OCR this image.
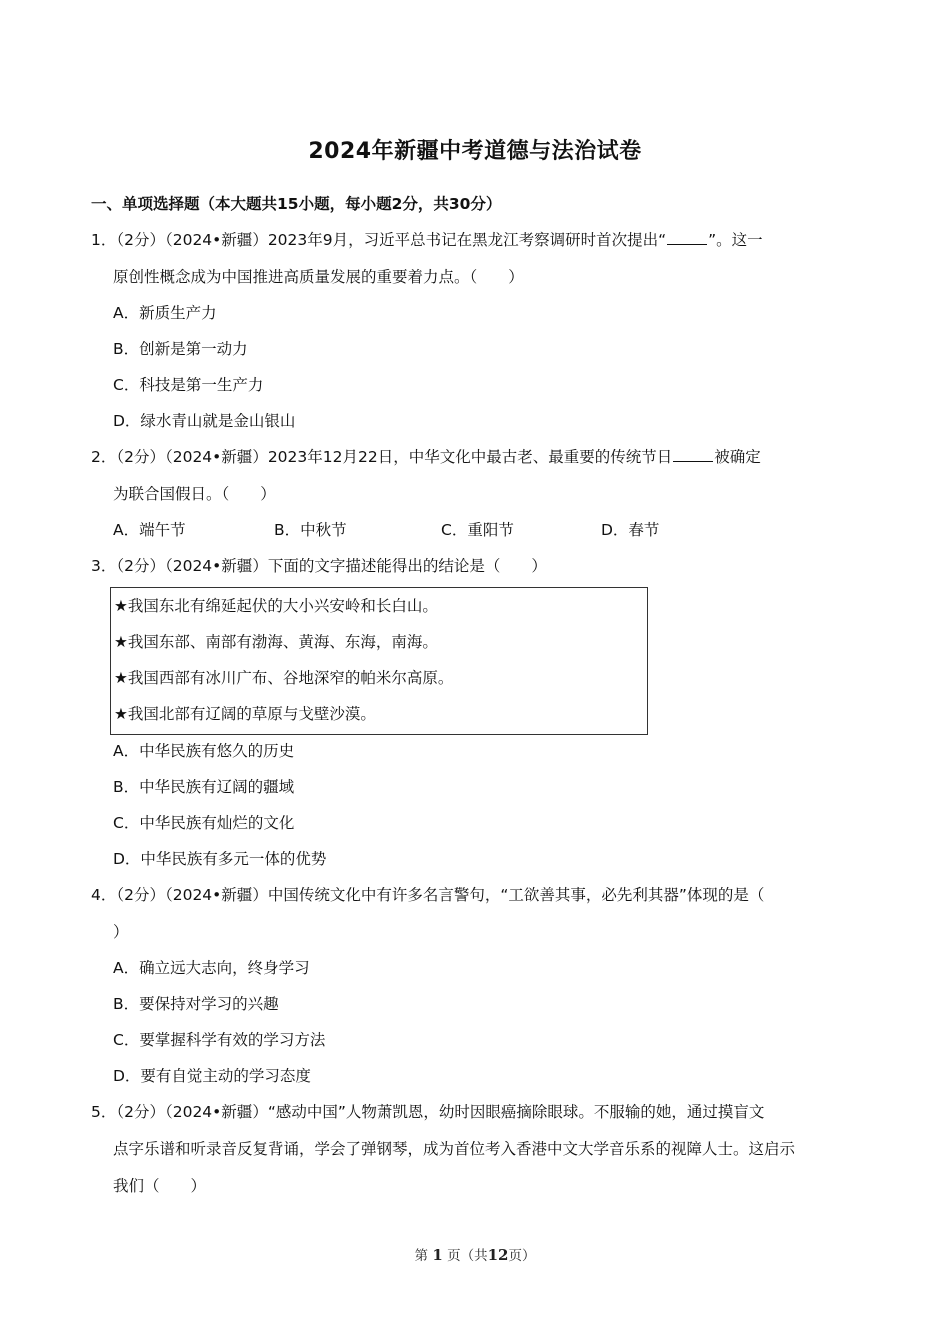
2024年新疆中考道德与法治试卷
一、单项选择题（本大题共15小题，每小题2分，共30分）
1．（2分）（2024•新疆）2023年9月，习近平总书记在黑龙江考察调研时首次提出“	”。这一
原创性概念成为中国推进高质量发展的重要着力点。（　　）
A．新质生产力
B．创新是第一动力
C．科技是第一生产力
D．绿水青山就是金山银山
2．（2分）（2024•新疆）2023年12月22日，中华文化中最古老、最重要的传统节日	被确定
为联合国假日。（　　）
A．端午节	B．中秋节	C．重阳节	D．春节
3．（2分）（2024•新疆）下面的文字描述能得出的结论是（　　）
★我国东北有绵延起伏的大小兴安岭和长白山。
★我国东部、南部有渤海、黄海、东海，南海。
★我国西部有冰川广布、谷地深窄的帕米尔高原。
★我国北部有辽阔的草原与戈壁沙漠。
A．中华民族有悠久的历史
B．中华民族有辽阔的疆域
C．中华民族有灿烂的文化
D．中华民族有多元一体的优势
4．（2分）（2024•新疆）中国传统文化中有许多名言警句，“工欲善其事，必先利其器”体现的是（
）
A．确立远大志向，终身学习
B．要保持对学习的兴趣
C．要掌握科学有效的学习方法
D．要有自觉主动的学习态度
5．（2分）（2024•新疆）“感动中国”人物萧凯恩，幼时因眼癌摘除眼球。不服输的她，通过摸盲文
点字乐谱和听录音反复背诵，学会了弹钢琴，成为首位考入香港中文大学音乐系的视障人士。这启示
我们（　　）
第 1 页（共12页）
